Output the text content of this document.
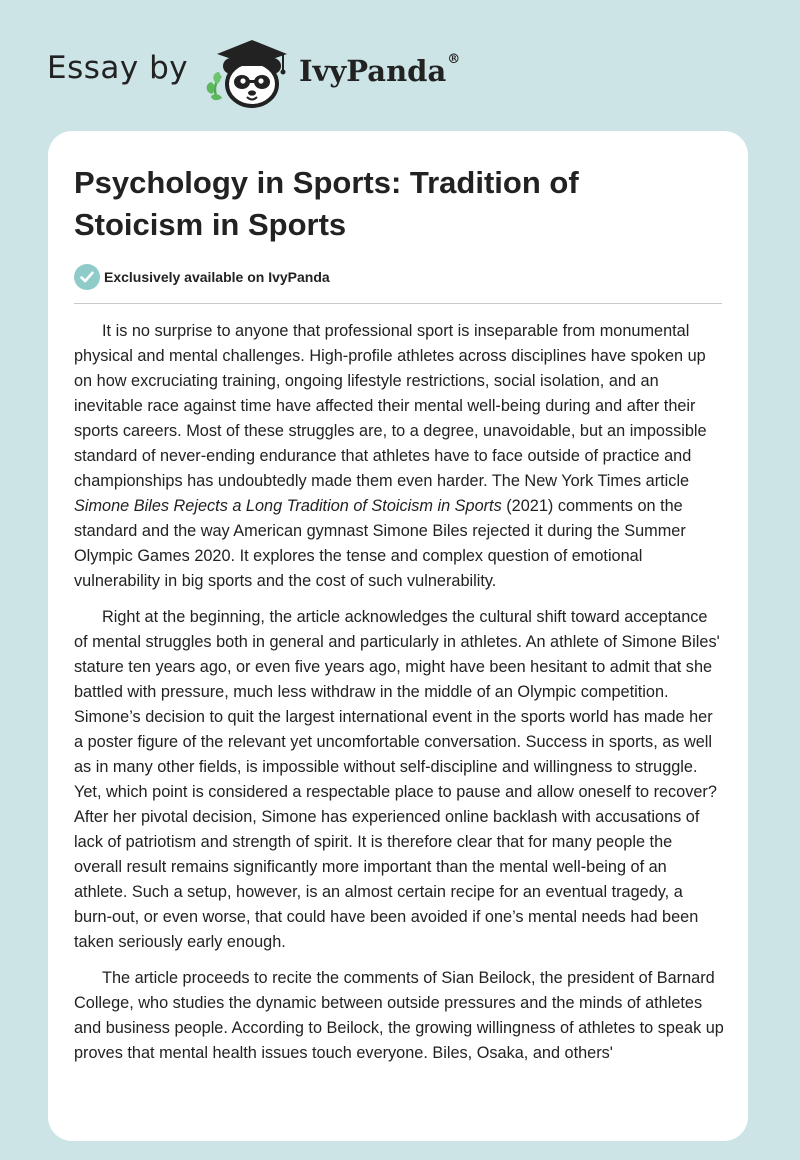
Essay by	IvyPanda®
Psychology in Sports: Tradition of Stoicism in Sports
Exclusively available on IvyPanda

It is no surprise to anyone that professional sport is inseparable from monumental physical and mental challenges. High-profile athletes across disciplines have spoken up on how excruciating training, ongoing lifestyle restrictions, social isolation, and an inevitable race against time have affected their mental well-being during and after their sports careers. Most of these struggles are, to a degree, unavoidable, but an impossible standard of never-ending endurance that athletes have to face outside of practice and championships has undoubtedly made them even harder. The New York Times article Simone Biles Rejects a Long Tradition of Stoicism in Sports (2021) comments on the standard and the way American gymnast Simone Biles rejected it during the Summer Olympic Games 2020. It explores the tense and complex question of emotional vulnerability in big sports and the cost of such vulnerability.

Right at the beginning, the article acknowledges the cultural shift toward acceptance of mental struggles both in general and particularly in athletes. An athlete of Simone Biles' stature ten years ago, or even five years ago, might have been hesitant to admit that she battled with pressure, much less withdraw in the middle of an Olympic competition. Simone’s decision to quit the largest international event in the sports world has made her a poster figure of the relevant yet uncomfortable conversation. Success in sports, as well as in many other fields, is impossible without self-discipline and willingness to struggle. Yet, which point is considered a respectable place to pause and allow oneself to recover? After her pivotal decision, Simone has experienced online backlash with accusations of lack of patriotism and strength of spirit. It is therefore clear that for many people the overall result remains significantly more important than the mental well-being of an athlete. Such a setup, however, is an almost certain recipe for an eventual tragedy, a burn-out, or even worse, that could have been avoided if one’s mental needs had been taken seriously early enough.

The article proceeds to recite the comments of Sian Beilock, the president of Barnard College, who studies the dynamic between outside pressures and the minds of athletes and business people. According to Beilock, the growing willingness of athletes to speak up proves that mental health issues touch everyone. Biles, Osaka, and others'
